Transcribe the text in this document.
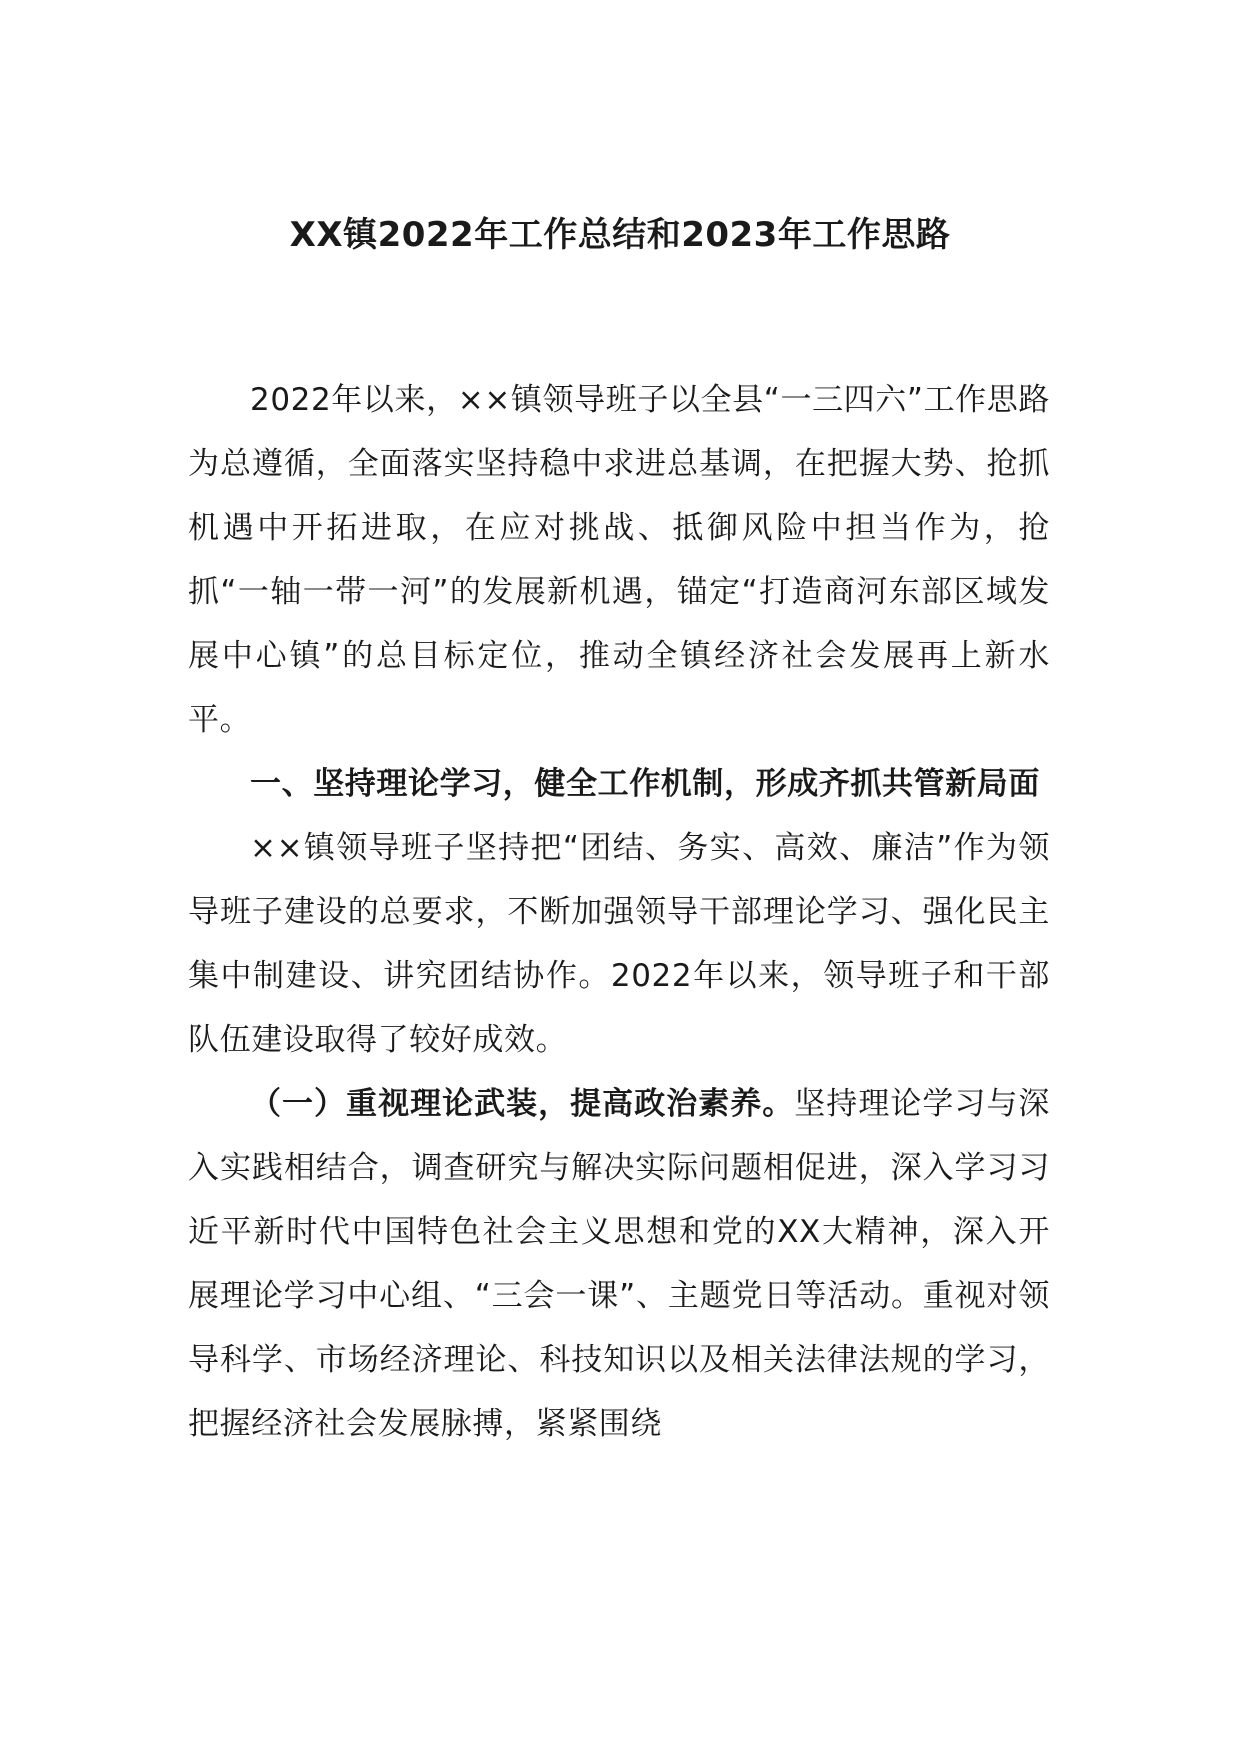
XX镇2022年工作总结和2023年工作思路

2022年以来，××镇领导班子以全县“一三四六”工作思路为总遵循，全面落实坚持稳中求进总基调，在把握大势、抢抓机遇中开拓进取，在应对挑战、抵御风险中担当作为，抢抓“一轴一带一河”的发展新机遇，锚定“打造商河东部区域发展中心镇”的总目标定位，推动全镇经济社会发展再上新水平。

一、坚持理论学习，健全工作机制，形成齐抓共管新局面

××镇领导班子坚持把“团结、务实、高效、廉洁”作为领导班子建设的总要求，不断加强领导干部理论学习、强化民主集中制建设、讲究团结协作。2022年以来，领导班子和干部队伍建设取得了较好成效。

（一）重视理论武装，提高政治素养。坚持理论学习与深入实践相结合，调查研究与解决实际问题相促进，深入学习习近平新时代中国特色社会主义思想和党的XX大精神，深入开展理论学习中心组、“三会一课”、主题党日等活动。重视对领导科学、市场经济理论、科技知识以及相关法律法规的学习，把握经济社会发展脉搏，紧紧围绕
